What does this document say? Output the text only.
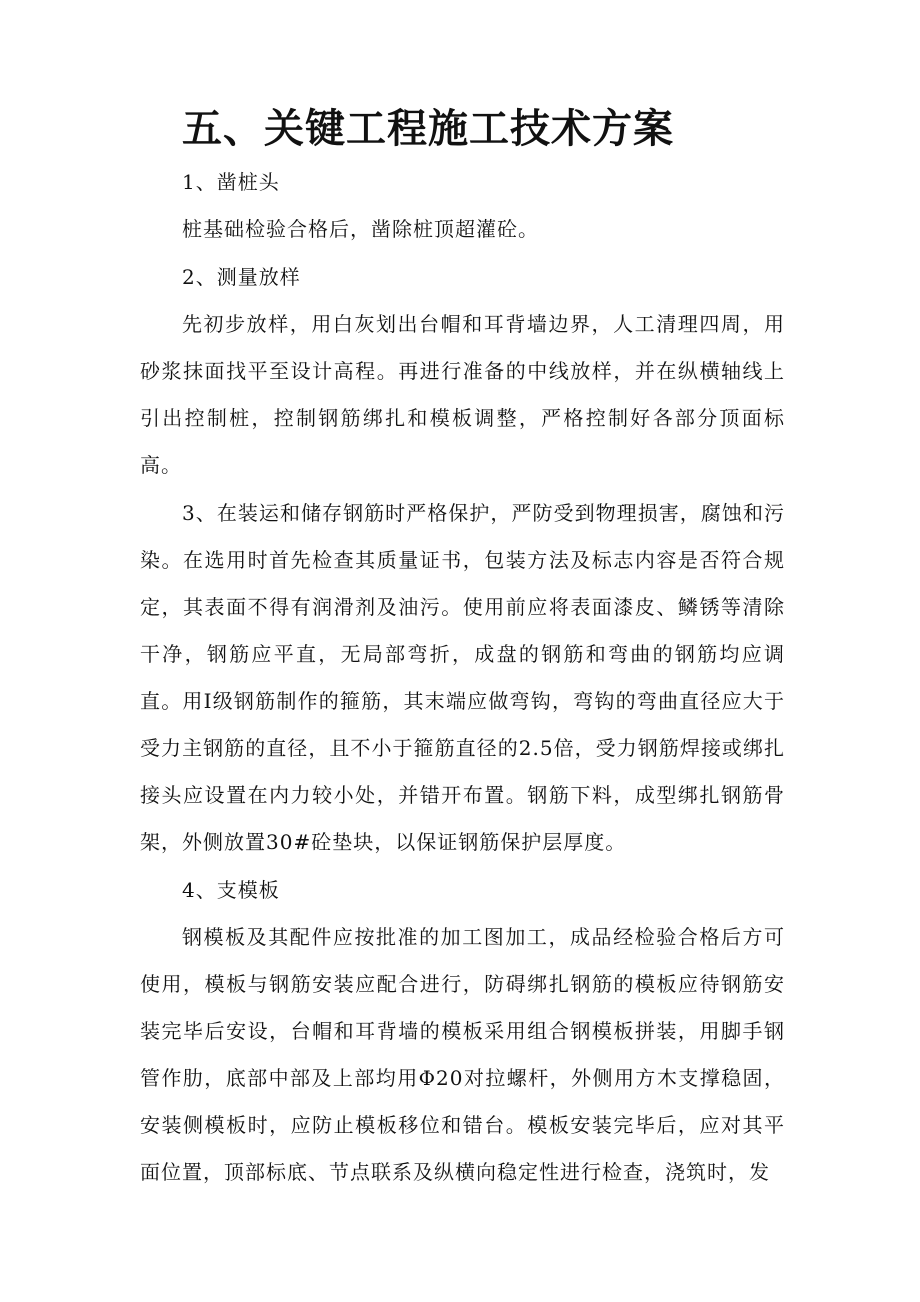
五、关键工程施工技术方案
1、凿桩头

桩基础检验合格后，凿除桩顶超灌砼。

2、测量放样

先初步放样，用白灰划出台帽和耳背墙边界，人工清理四周，用砂浆抹面找平至设计高程。再进行准备的中线放样，并在纵横轴线上引出控制桩，控制钢筋绑扎和模板调整，严格控制好各部分顶面标高。

3、在装运和储存钢筋时严格保护，严防受到物理损害，腐蚀和污染。在选用时首先检查其质量证书，包装方法及标志内容是否符合规定，其表面不得有润滑剂及油污。使用前应将表面漆皮、鳞锈等清除干净，钢筋应平直，无局部弯折，成盘的钢筋和弯曲的钢筋均应调直。用I级钢筋制作的箍筋，其末端应做弯钩，弯钩的弯曲直径应大于受力主钢筋的直径，且不小于箍筋直径的2.5倍，受力钢筋焊接或绑扎接头应设置在内力较小处，并错开布置。钢筋下料，成型绑扎钢筋骨架，外侧放置30#砼垫块，以保证钢筋保护层厚度。

4、支模板

钢模板及其配件应按批准的加工图加工，成品经检验合格后方可使用，模板与钢筋安装应配合进行，防碍绑扎钢筋的模板应待钢筋安装完毕后安设，台帽和耳背墙的模板采用组合钢模板拼装，用脚手钢管作肋，底部中部及上部均用Φ20对拉螺杆，外侧用方木支撑稳固，安装侧模板时，应防止模板移位和错台。模板安装完毕后，应对其平面位置，顶部标底、节点联系及纵横向稳定性进行检查，浇筑时，发
